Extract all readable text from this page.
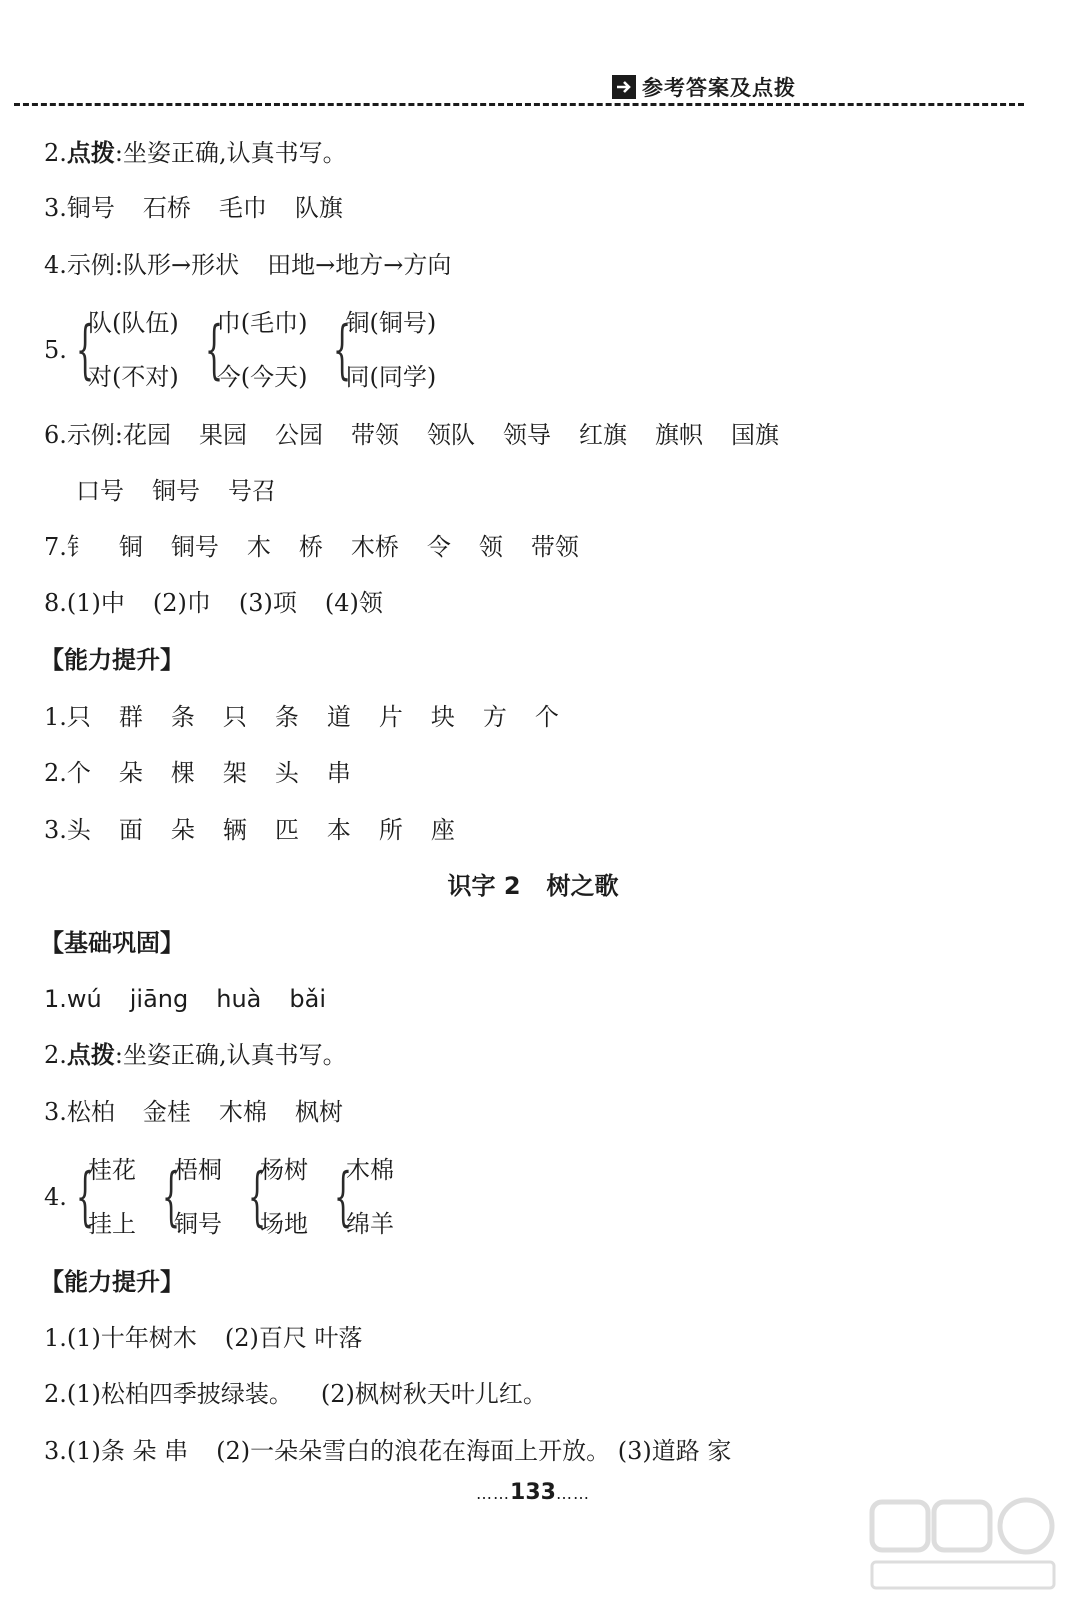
参考答案及点拨
2.点拨:坐姿正确,认真书写。
3.铜号 石桥 毛巾 队旗
4.示例:队形→形状 田地→地方→方向
5. {
队(队伍)
对(不对) {
巾(毛巾)
今(今天) {
铜(铜号)
同(同学)
6.示例:花园 果园 公园 带领 领队 领导 红旗 旗帜 国旗
口号 铜号 号召
7.钅 铜 铜号 木 桥 木桥 令 领 带领
8.(1)中 (2)巾 (3)项 (4)领
【能力提升】
1.只 群 条 只 条 道 片 块 方 个
2.个 朵 棵 架 头 串
3.头 面 朵 辆 匹 本 所 座
识字 2 树之歌
【基础巩固】
1.wú jiāng huà bǎi
2.点拨:坐姿正确,认真书写。
3.松柏 金桂 木棉 枫树
4. {
桂花
挂上 {
梧桐
铜号 {
杨树
场地 {
木棉
绵羊
【能力提升】
1.(1)十年树木 (2)百尺 叶落
2.(1)松柏四季披绿装。 (2)枫树秋天叶儿红。
3.(1)条 朵 串 (2)一朵朵雪白的浪花在海面上开放。 (3)道路 家
……133……
